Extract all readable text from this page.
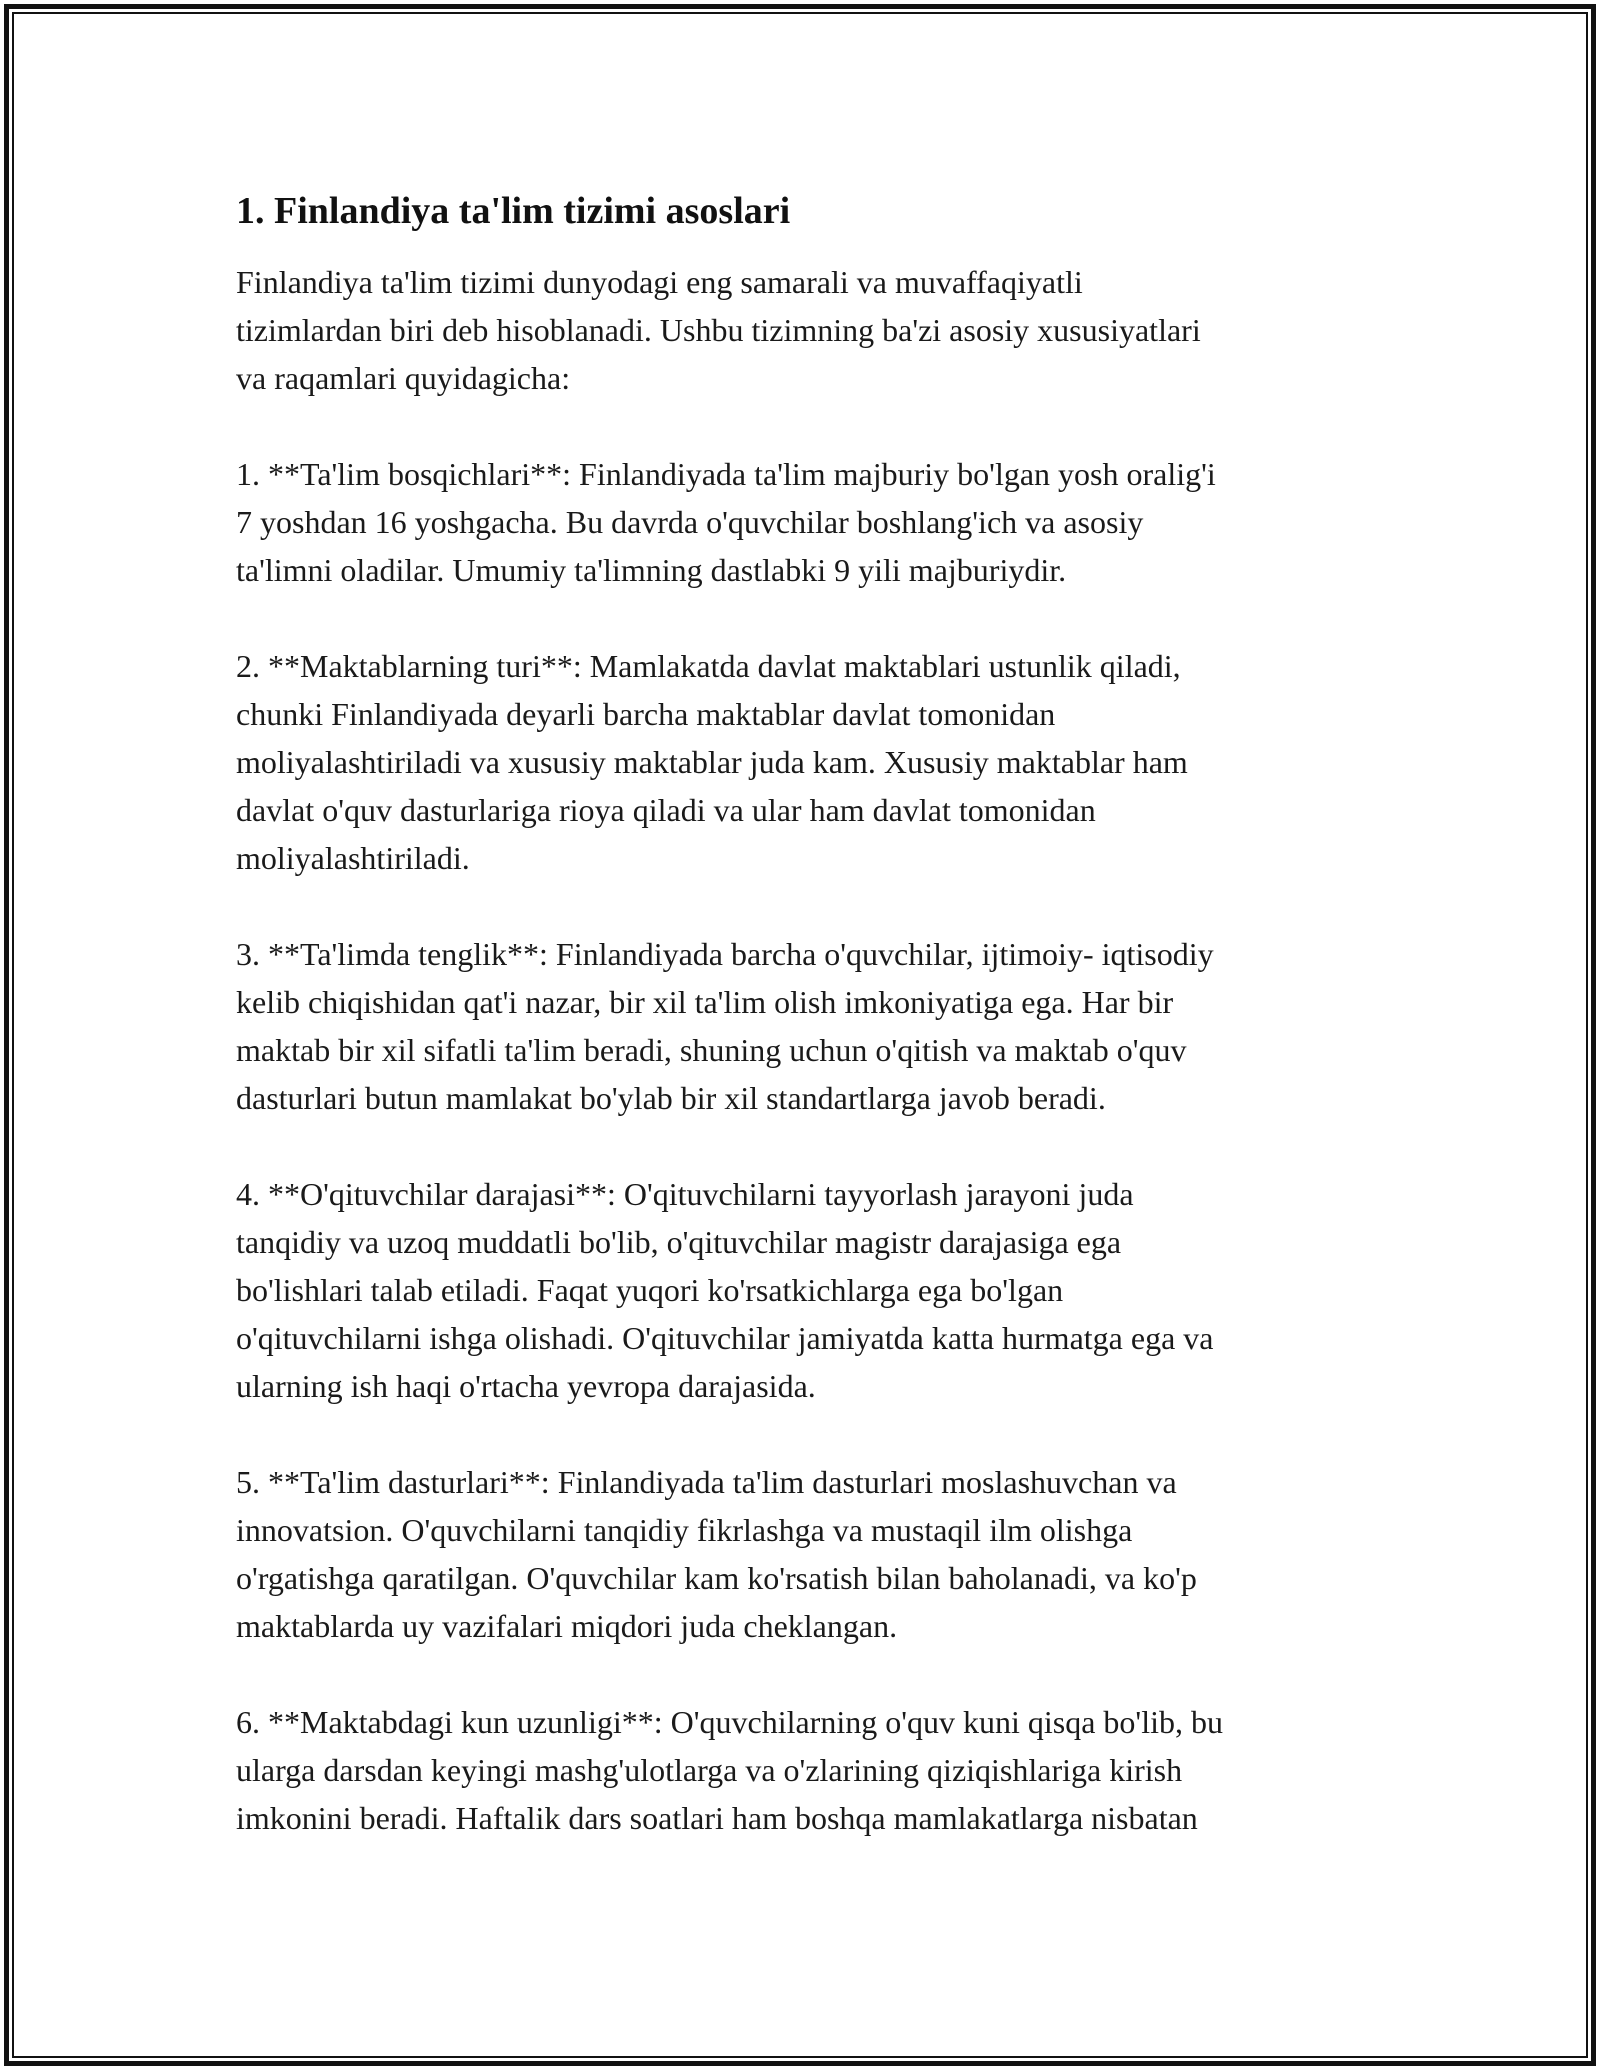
1. Finlandiya ta'lim tizimi asoslari

Finlandiya ta'lim tizimi dunyodagi eng samarali va muvaffaqiyatli
tizimlardan biri deb hisoblanadi. Ushbu tizimning ba'zi asosiy xususiyatlari
va raqamlari quyidagicha:

1. **Ta'lim bosqichlari**: Finlandiyada ta'lim majburiy bo'lgan yosh oralig'i
7 yoshdan 16 yoshgacha. Bu davrda o'quvchilar boshlang'ich va asosiy
ta'limni oladilar. Umumiy ta'limning dastlabki 9 yili majburiydir.

2. **Maktablarning turi**: Mamlakatda davlat maktablari ustunlik qiladi,
chunki Finlandiyada deyarli barcha maktablar davlat tomonidan
moliyalashtiriladi va xususiy maktablar juda kam. Xususiy maktablar ham
davlat o'quv dasturlariga rioya qiladi va ular ham davlat tomonidan
moliyalashtiriladi.

3. **Ta'limda tenglik**: Finlandiyada barcha o'quvchilar, ijtimoiy- iqtisodiy
kelib chiqishidan qat'i nazar, bir xil ta'lim olish imkoniyatiga ega. Har bir
maktab bir xil sifatli ta'lim beradi, shuning uchun o'qitish va maktab o'quv
dasturlari butun mamlakat bo'ylab bir xil standartlarga javob beradi.

4. **O'qituvchilar darajasi**: O'qituvchilarni tayyorlash jarayoni juda
tanqidiy va uzoq muddatli bo'lib, o'qituvchilar magistr darajasiga ega
bo'lishlari talab etiladi. Faqat yuqori ko'rsatkichlarga ega bo'lgan
o'qituvchilarni ishga olishadi. O'qituvchilar jamiyatda katta hurmatga ega va
ularning ish haqi o'rtacha yevropa darajasida.

5. **Ta'lim dasturlari**: Finlandiyada ta'lim dasturlari moslashuvchan va
innovatsion. O'quvchilarni tanqidiy fikrlashga va mustaqil ilm olishga
o'rgatishga qaratilgan. O'quvchilar kam ko'rsatish bilan baholanadi, va ko'p
maktablarda uy vazifalari miqdori juda cheklangan.

6. **Maktabdagi kun uzunligi**: O'quvchilarning o'quv kuni qisqa bo'lib, bu
ularga darsdan keyingi mashg'ulotlarga va o'zlarining qiziqishlariga kirish
imkonini beradi. Haftalik dars soatlari ham boshqa mamlakatlarga nisbatan
